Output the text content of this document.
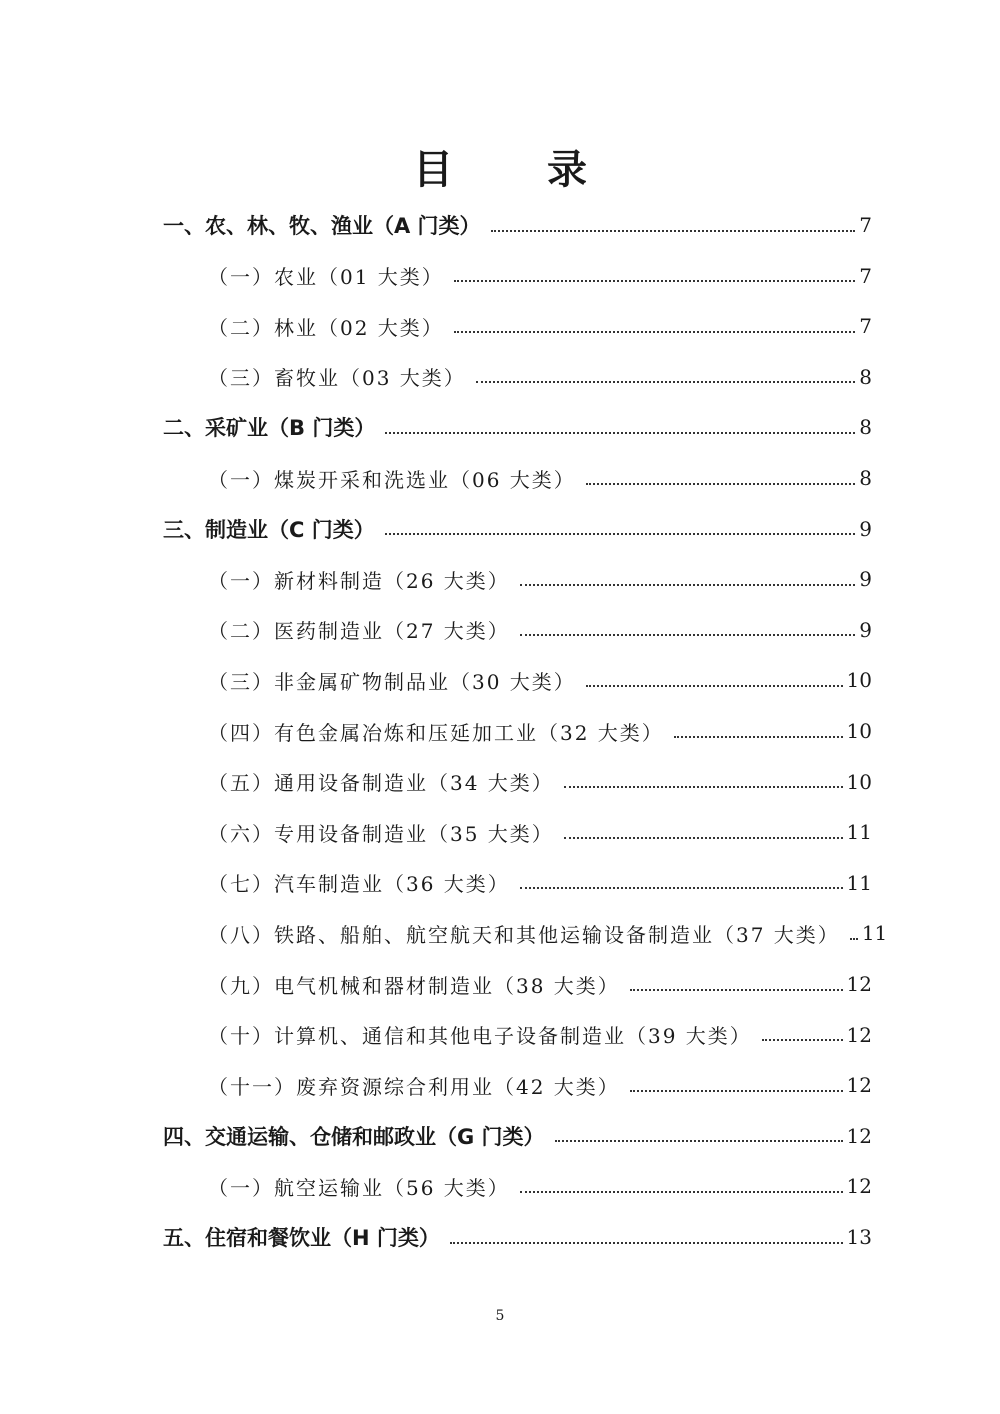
目 录
一、农、林、牧、渔业（A 门类）	7
（一）农业（01 大类）	7
（二）林业（02 大类）	7
（三）畜牧业（03 大类）	8
二、采矿业（B 门类）	8
（一）煤炭开采和洗选业（06 大类）	8
三、制造业（C 门类）	9
（一）新材料制造（26 大类）	9
（二）医药制造业（27 大类）	9
（三）非金属矿物制品业（30 大类）	10
（四）有色金属冶炼和压延加工业（32 大类）	10
（五）通用设备制造业（34 大类）	10
（六）专用设备制造业（35 大类）	11
（七）汽车制造业（36 大类）	11
（八）铁路、船舶、航空航天和其他运输设备制造业（37 大类） 11
（九）电气机械和器材制造业（38 大类）	12
（十）计算机、通信和其他电子设备制造业（39 大类）	12
（十一）废弃资源综合利用业（42 大类）	12
四、交通运输、仓储和邮政业（G 门类）	12
（一）航空运输业（56 大类）	12
五、住宿和餐饮业（H 门类）	13
5
